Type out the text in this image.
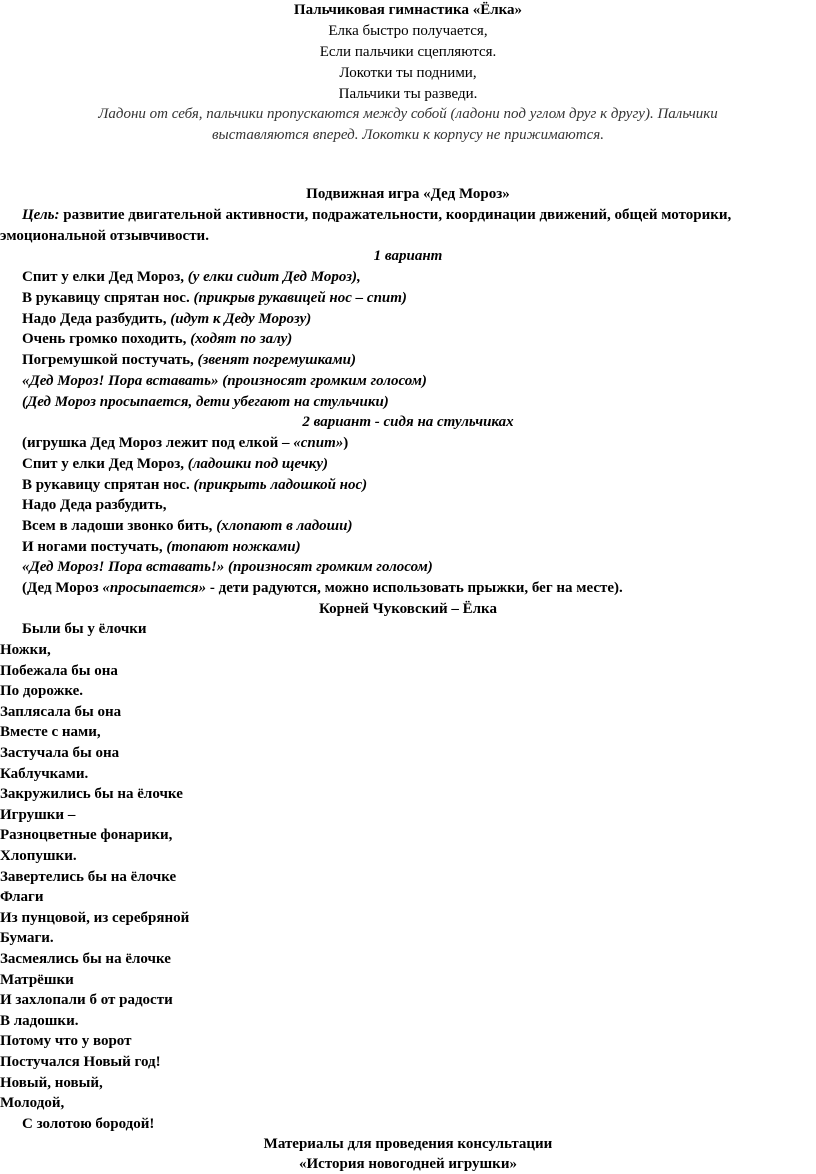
Пальчиковая гимнастика «Ёлка»
Елка быстро получается,
Если пальчики сцепляются.
Локотки ты подними,
Пальчики ты разведи.
Ладони от себя, пальчики пропускаются между собой (ладони под углом друг к другу). Пальчики
выставляются вперед. Локотки к корпусу не прижимаются.
Подвижная игра «Дед Мороз»
Цель: развитие двигательной активности, подражательности, координации движений, общей моторики,
эмоциональной отзывчивости.
1 вариант
Спит у елки Дед Мороз, (у елки сидит Дед Мороз),
В рукавицу спрятан нос. (прикрыв рукавицей нос – спит)
Надо Деда разбудить, (идут к Деду Морозу)
Очень громко походить, (ходят по залу)
Погремушкой постучать, (звенят погремушками)
«Дед Мороз! Пора вставать» (произносят громким голосом)
(Дед Мороз просыпается, дети убегают на стульчики)
2 вариант - сидя на стульчиках
(игрушка Дед Мороз лежит под елкой – «спит»)
Спит у елки Дед Мороз, (ладошки под щечку)
В рукавицу спрятан нос. (прикрыть ладошкой нос)
Надо Деда разбудить,
Всем в ладоши звонко бить, (хлопают в ладоши)
И ногами постучать, (топают ножками)
«Дед Мороз! Пора вставать!» (произносят громким голосом)
(Дед Мороз «просыпается» - дети радуются, можно использовать прыжки, бег на месте).
Корней Чуковский – Ёлка
Были бы у ёлочки
Ножки,
Побежала бы она
По дорожке.
Заплясала бы она
Вместе с нами,
Застучала бы она
Каблучками.
Закружились бы на ёлочке
Игрушки –
Разноцветные фонарики,
Хлопушки.
Завертелись бы на ёлочке
Флаги
Из пунцовой, из серебряной
Бумаги.
Засмеялись бы на ёлочке
Матрёшки
И захлопали б от радости
В ладошки.
Потому что у ворот
Постучался Новый год!
Новый, новый,
Молодой,
С золотою бородой!
Материалы для проведения консультации
«История новогодней игрушки»
